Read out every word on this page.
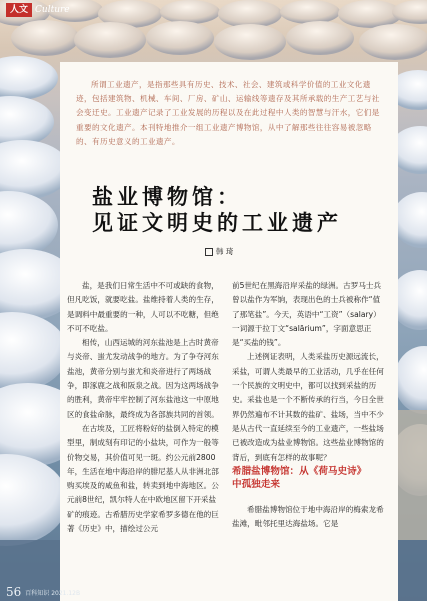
人文 Culture

所谓工业遗产，是指那些具有历史、技术、社会、建筑或科学价值的工业文化遗迹，包括建筑物、机械、车间、厂房、矿山、运输线等遗存及其所承载的生产工艺与社会变迁史。工业遗产记录了工业发展的历程以及在此过程中人类的智慧与汗水，它们是重要的文化遗产。本刊特地推介一组工业遗产博物馆，从中了解那些往往容易被忽略的、有历史意义的工业遗产。

盐业博物馆：
见证文明史的工业遗产
韩 琦

盐，是我们日常生活中不可或缺的食物，但凡吃饭，就要吃盐。盐维持着人类的生存，是调料中最重要的一种，人可以不吃糖，但绝不可不吃盐。

相传，山西运城的河东盐池是上古时黄帝与炎帝、蚩尤发动战争的地方。为了争夺河东盐池，黄帝分别与蚩尤和炎帝进行了两场战争，即涿鹿之战和阪泉之战。因为这两场战争的胜利，黄帝牢牢控制了河东盐池这一中原地区的食盐命脉，最终成为各部族共同的首领。

在古埃及，工匠将粉好的盐倒入特定的模型里，制成刻有印记的小盐块，可作为一般等价物交易，其价值可见一斑。约公元前2800年，生活在地中海沿岸的腓尼基人从非洲北部购买埃及的咸鱼和盐，转卖到地中海地区。公元前8世纪，凯尔特人在中欧地区留下开采盐矿的痕迹。古希腊历史学家希罗多德在他的巨著《历史》中，描绘过公元

前5世纪在黑海沿岸采盐的绿洲。古罗马士兵曾以盐作为军饷，表现出色的士兵被称作“值了那笔盐”。今天，英语中“工资”（salary）一词源于拉丁文“salārium”，字面意思正是“买盐的钱”。

上述例证表明，人类采盐历史源远流长，采盐，可谓人类最早的工业活动，几乎在任何一个民族的文明史中，都可以找到采盐的历史。采盐也是一个不断传承的行当，今日全世界仍然遍布不计其数的盐矿、盐场，当中不少是从古代一直延续至今的工业遗产，一些盐场已被改造成为盐业博物馆。这些盐业博物馆的背后，到底有怎样的故事呢？

希腊盐博物馆：从《荷马史诗》
中孤独走来

希腊盐博物馆位于地中海沿岸的梅索龙希盐滩，毗邻托里达海盐场。它是

56 百科知识 2021.12B
